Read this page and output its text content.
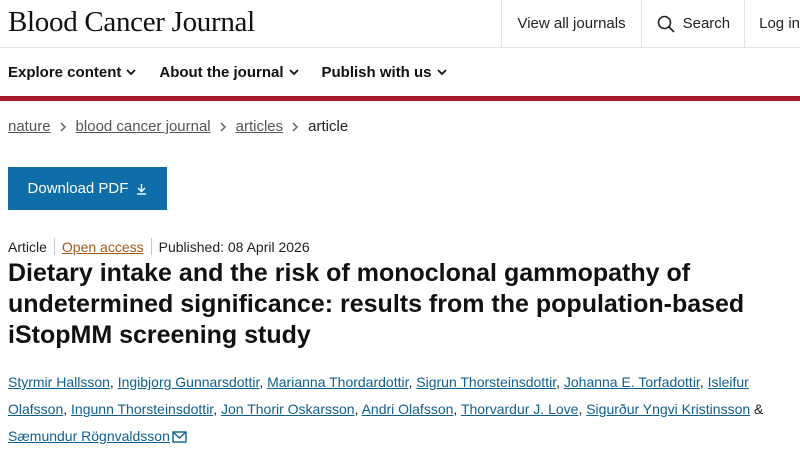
Blood Cancer Journal	View all journals	Search	Log in
Explore content	About the journal	Publish with us
nature blood cancer journal articles article
Download PDF
Article Open access Published: 08 April 2026
Dietary intake and the risk of monoclonal gammopathy of undetermined significance: results from the population-based iStopMM screening study
Styrmir Hallsson, Ingibjorg Gunnarsdottir, Marianna Thordardottir, Sigrun Thorsteinsdottir, Johanna E. Torfadottir, Isleifur Olafsson, Ingunn Thorsteinsdottir, Jon Thorir Oskarsson, Andri Olafsson, Thorvardur J. Love, Sigurður Yngvi Kristinsson & Sæmundur Rögnvaldsson
